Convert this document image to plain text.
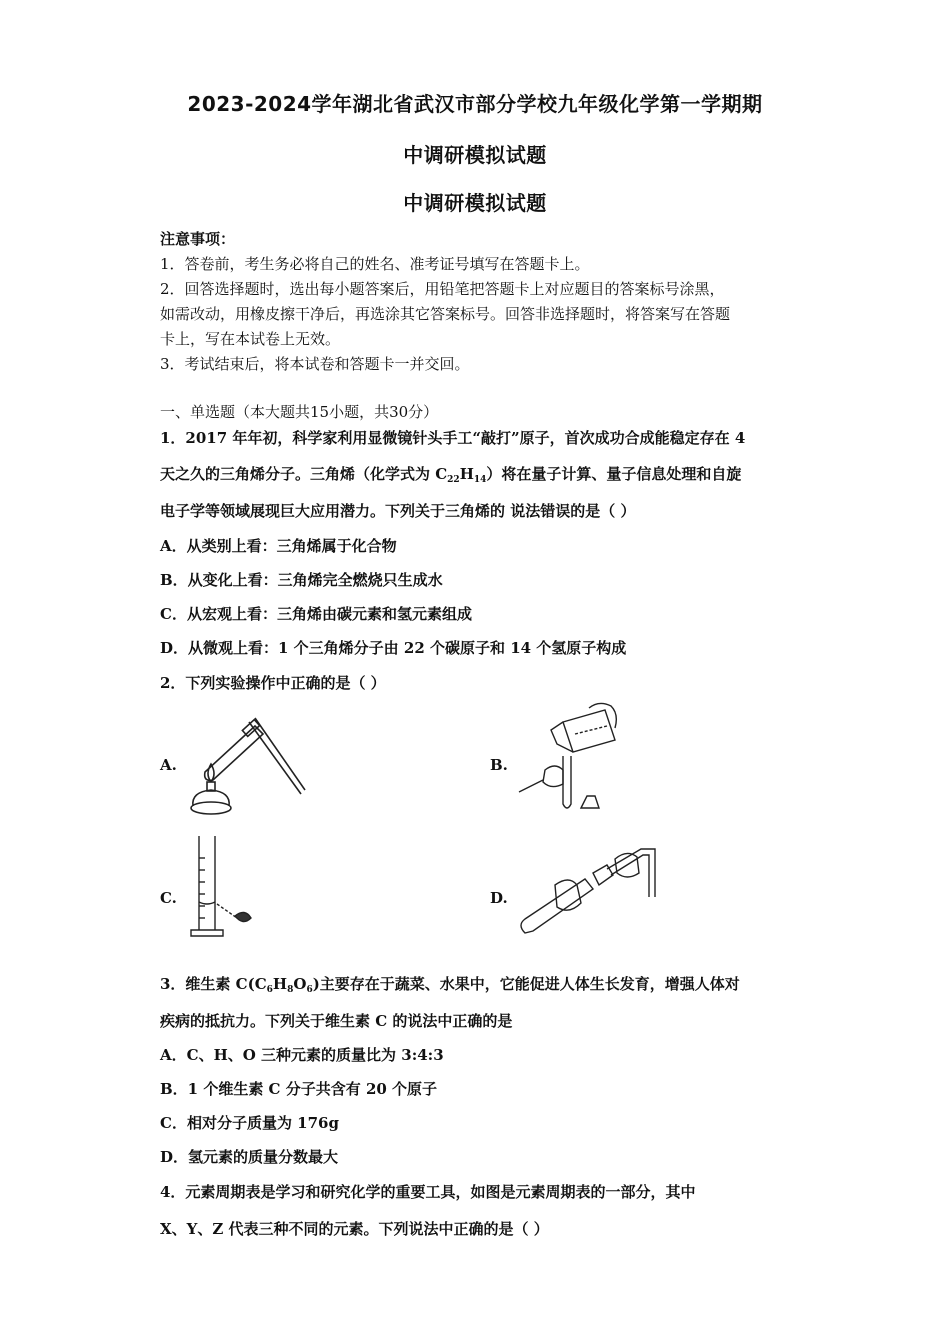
2023-2024学年湖北省武汉市部分学校九年级化学第一学期期
中调研模拟试题
中调研模拟试题
注意事项：
1．答卷前，考生务必将自己的姓名、准考证号填写在答题卡上。
2．回答选择题时，选出每小题答案后，用铅笔把答题卡上对应题目的答案标号涂黑，
如需改动，用橡皮擦干净后，再选涂其它答案标号。回答非选择题时，将答案写在答题
卡上，写在本试卷上无效。
3．考试结束后，将本试卷和答题卡一并交回。
一、单选题（本大题共15小题，共30分）
1．2017 年年初，科学家利用显微镜针头手工“敲打”原子，首次成功合成能稳定存在 4
天之久的三角烯分子。三角烯（化学式为 $C_{22}H_{14}$）将在量子计算、量子信息处理和自旋
电子学等领域展现巨大应用潜力。下列关于三角烯的 说法错误的是（ ）
A．从类别上看：三角烯属于化合物
B．从变化上看：三角烯完全燃烧只生成水
C．从宏观上看：三角烯由碳元素和氢元素组成
D．从微观上看：1 个三角烯分子由 22 个碳原子和 14 个氢原子构成
2．下列实验操作中正确的是（ ）
A.	B.
C.	D.
3．维生素 $C(C_6H_8O_6)$主要存在于蔬菜、水果中，它能促进人体生长发育，增强人体对
疾病的抵抗力。下列关于维生素 C 的说法中正确的是
A．C、H、O 三种元素的质量比为 3:4:3
B．1 个维生素 C 分子共含有 20 个原子
C．相对分子质量为 176g
D．氢元素的质量分数最大
4．元素周期表是学习和研究化学的重要工具，如图是元素周期表的一部分，其中
X、Y、Z 代表三种不同的元素。下列说法中正确的是（ ）
